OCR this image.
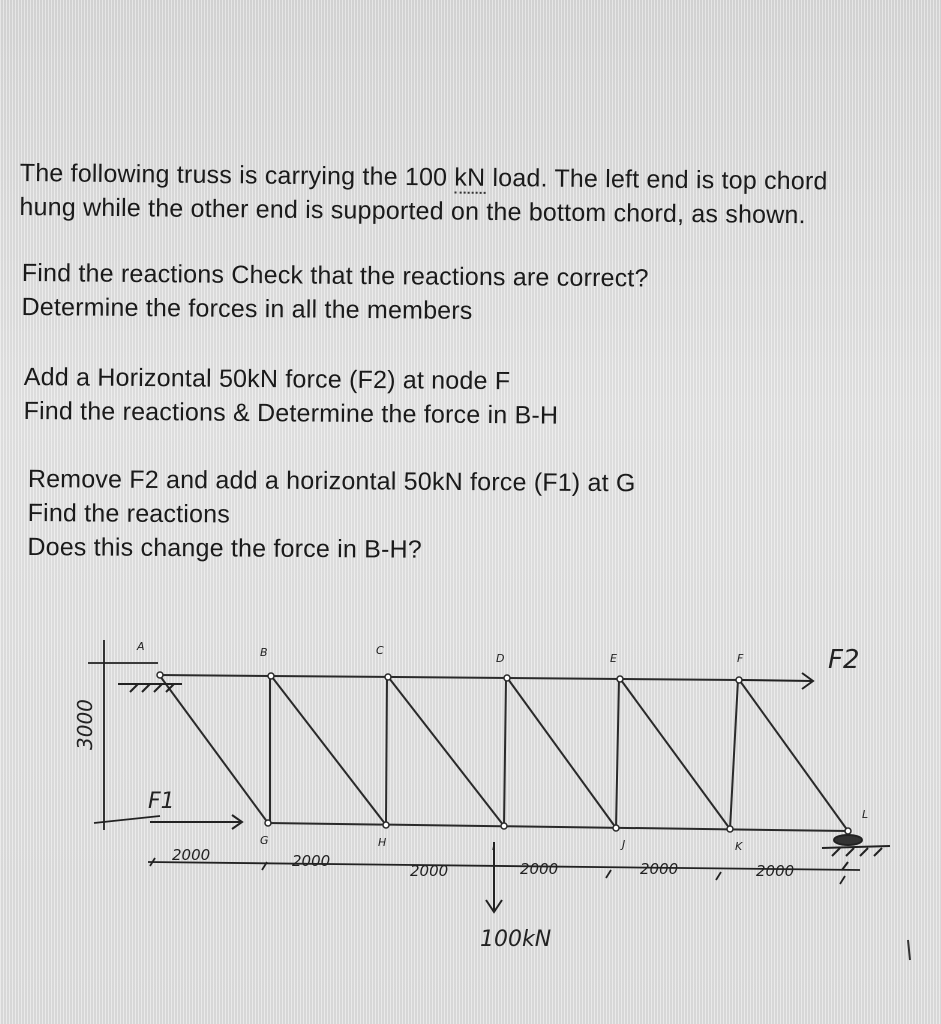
The following truss is carrying the 100 kN load. The left end is top chord
hung while the other end is supported on the bottom chord, as shown.
Find the reactions Check that the reactions are correct?
Determine the forces in all the members
Add a Horizontal 50kN force (F2) at node F
Find the reactions & Determine the force in B-H
Remove F2 and add a horizontal 50kN force (F1) at G
Find the reactions
Does this change the force in B-H?
3000
F1
F2
100kN
2000	2000
2000	2000	2000	2000
A	B	C
D	E	F
G	H	I	J	K
L
